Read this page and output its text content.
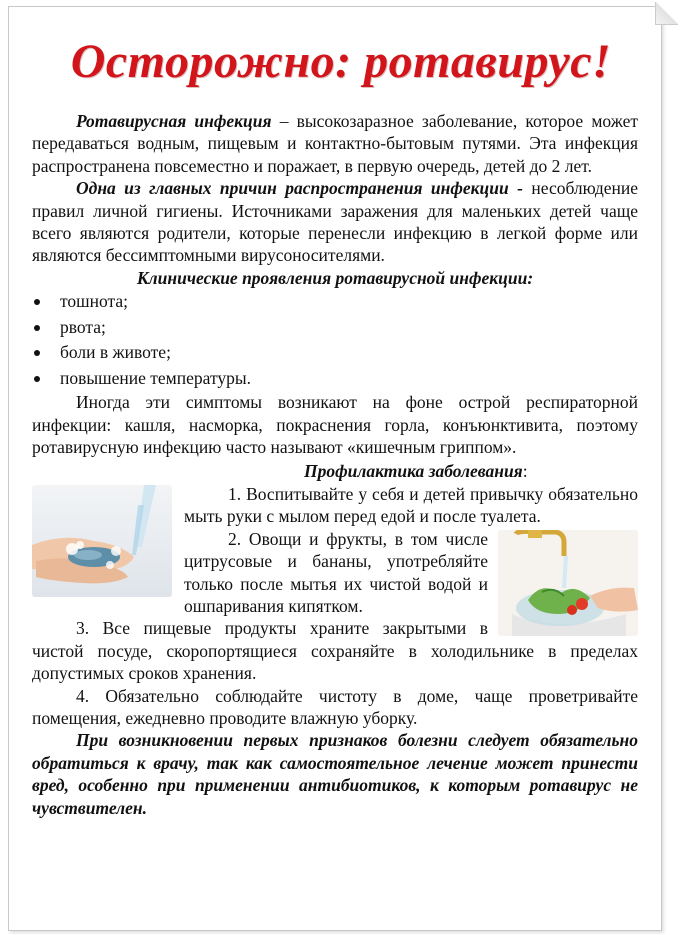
Осторожно: ротавирус!

Ротавирусная инфекция – высокозаразное заболевание, которое может передаваться водным, пищевым и контактно-бытовым путями. Эта инфекция распространена повсеместно и поражает, в первую очередь, детей до 2 лет.

Одна из главных причин распространения инфекции - несоблюдение правил личной гигиены. Источниками заражения для маленьких детей чаще всего являются родители, которые перенесли инфекцию в легкой форме или являются бессимптомными вирусоносителями.

Клинические проявления ротавирусной инфекции:

тошнота;
рвота;
боли в животе;
повышение температуры.

Иногда эти симптомы возникают на фоне острой респираторной инфекции: кашля, насморка, покраснения горла, конъюнктивита, поэтому ротавирусную инфекцию часто называют «кишечным гриппом».

Профилактика заболевания:

1. Воспитывайте у себя и детей привычку обязательно мыть руки с мылом перед едой и после туалета.

2. Овощи и фрукты, в том числе цитрусовые и бананы, употребляйте только после мытья их чистой водой и ошпаривания кипятком.

3. Все пищевые продукты храните закрытыми в чистой посуде, скоропортящиеся сохраняйте в холодильнике в пределах допустимых сроков хранения.

4. Обязательно соблюдайте чистоту в доме, чаще проветривайте помещения, ежедневно проводите влажную уборку.

При возникновении первых признаков болезни следует обязательно обратиться к врачу, так как самостоятельное лечение может принести вред, особенно при применении антибиотиков, к которым ротавирус не чувствителен.
